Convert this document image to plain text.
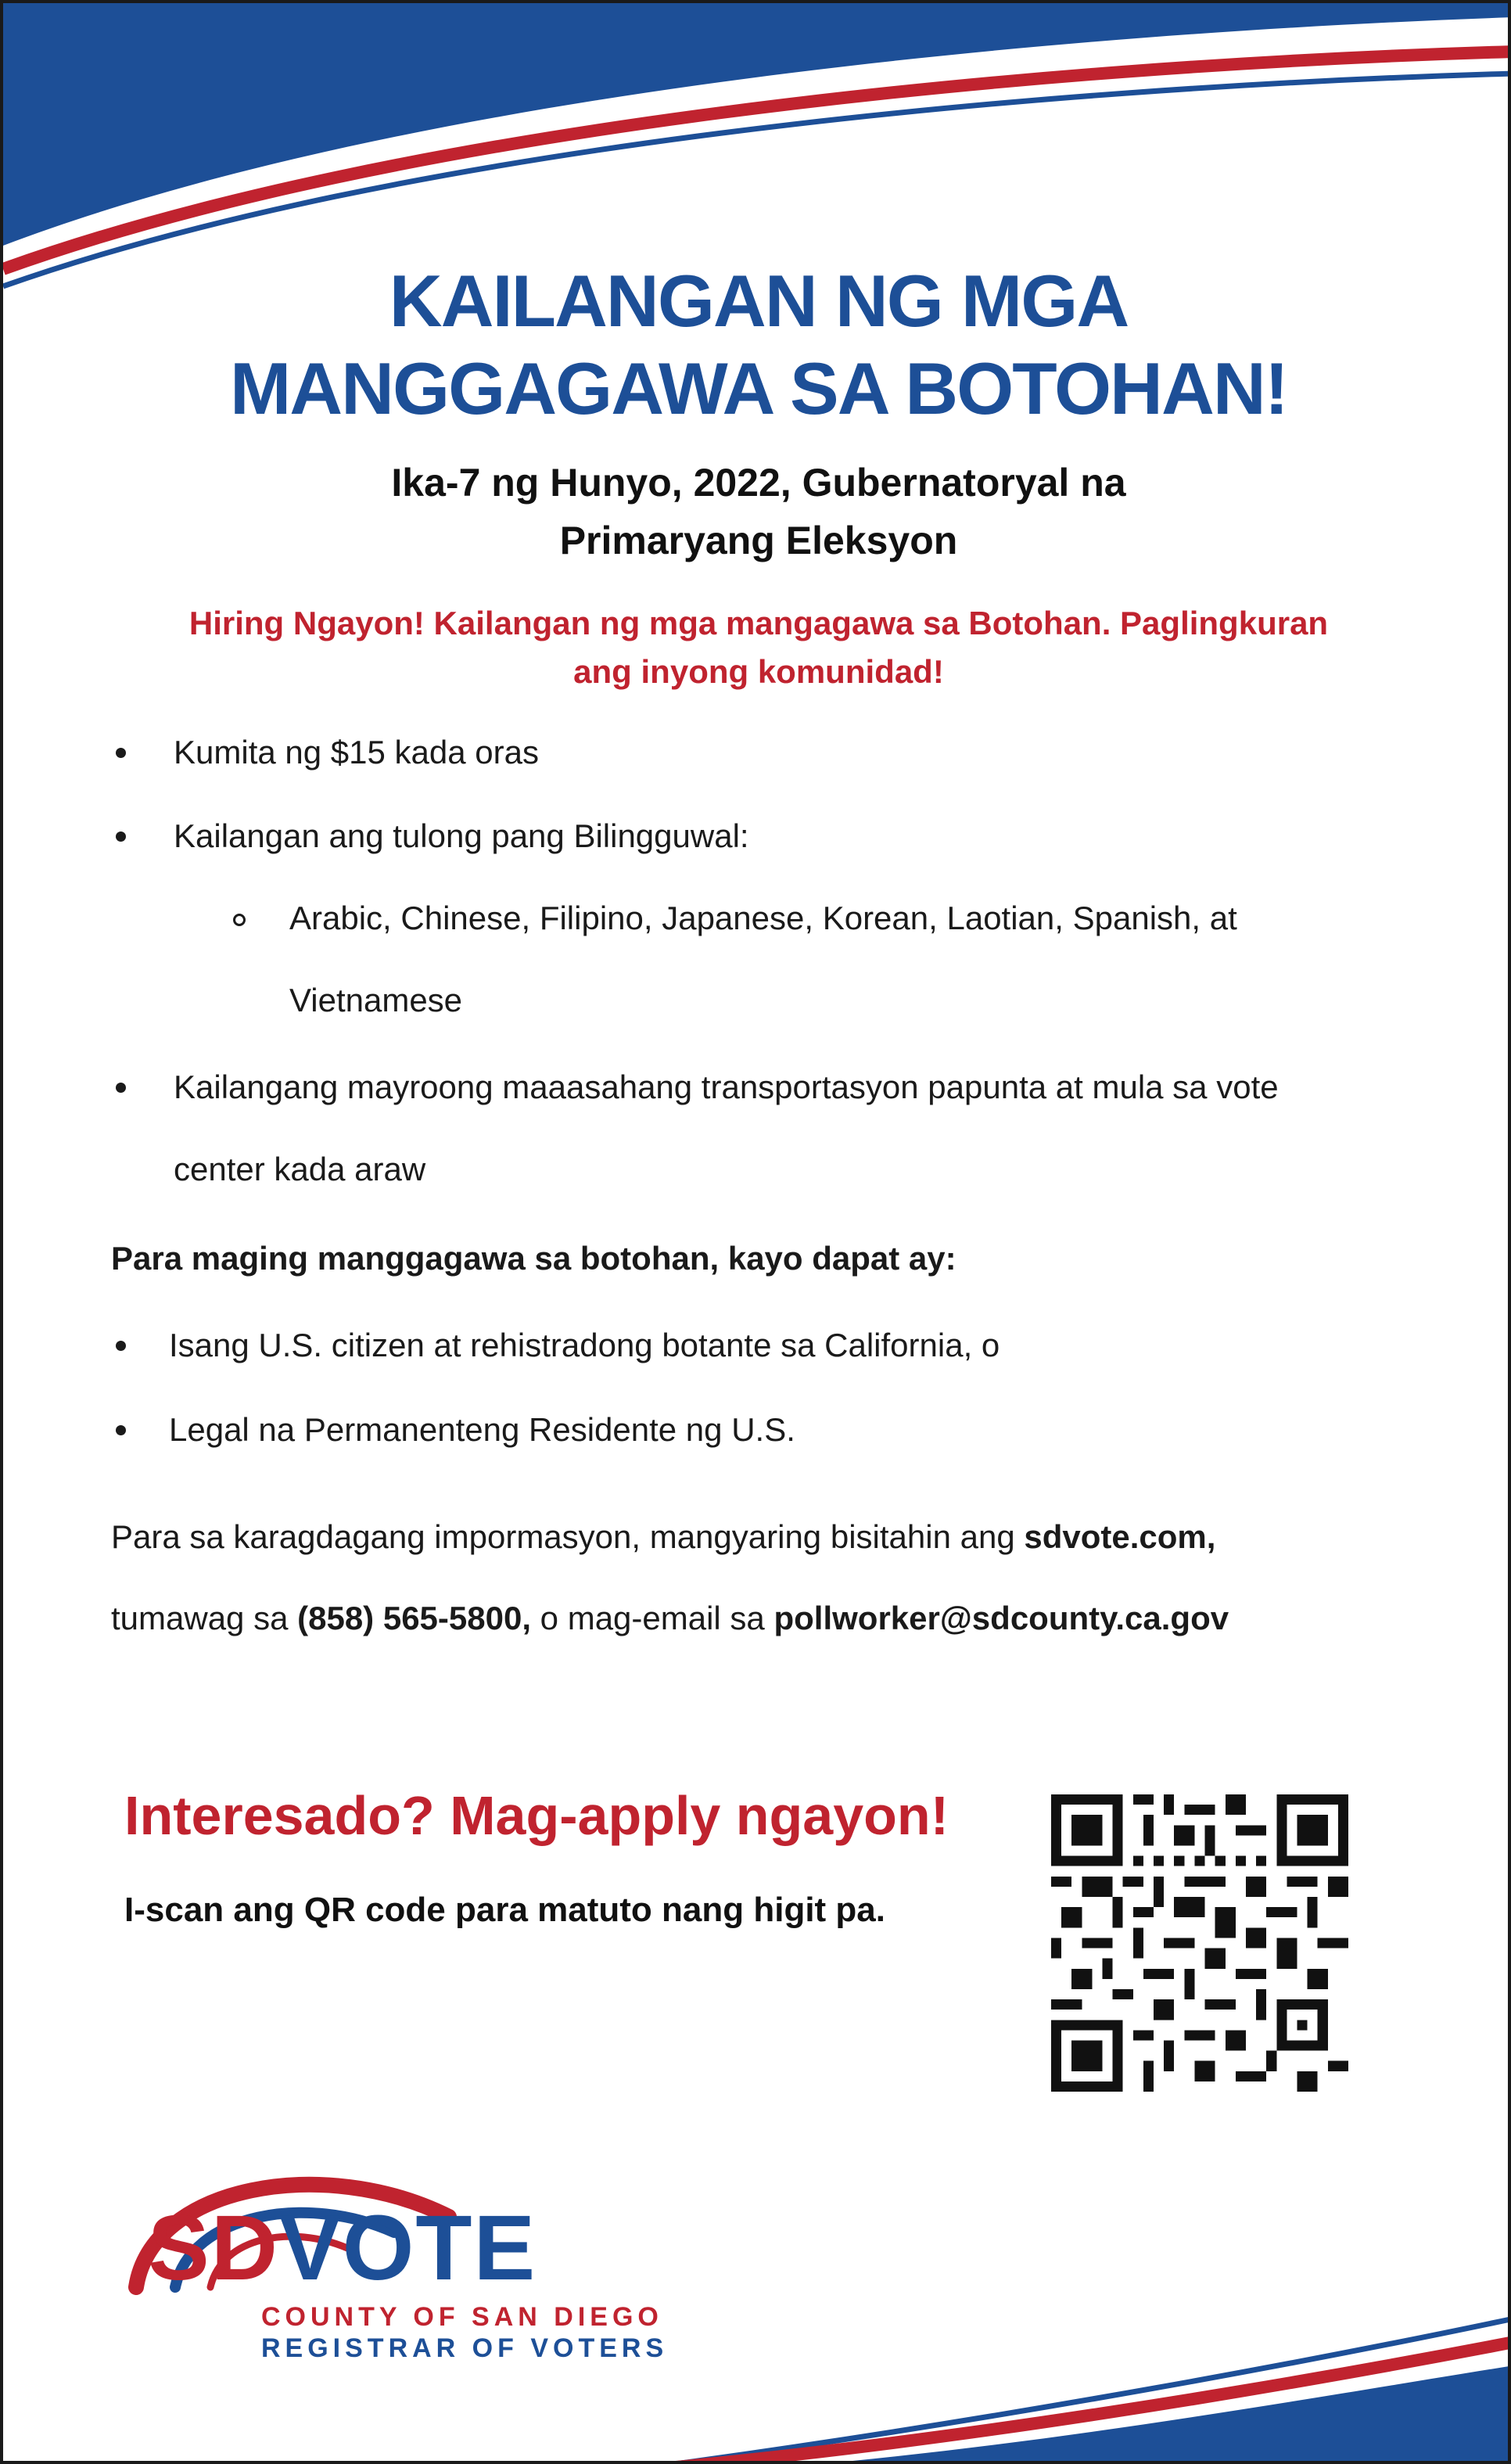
KAILANGAN NG MGA
MANGGAGAWA SA BOTOHAN!
Ika-7 ng Hunyo, 2022, Gubernatoryal na
Primaryang Eleksyon

Hiring Ngayon! Kailangan ng mga mangagawa sa Botohan. Paglingkuran
ang inyong komunidad!

Kumita ng $15 kada oras
Kailangan ang tulong pang Bilingguwal:
Arabic, Chinese, Filipino, Japanese, Korean, Laotian, Spanish, at
Vietnamese
Kailangang mayroong maaasahang transportasyon papunta at mula sa vote
center kada araw
Para maging manggagawa sa botohan, kayo dapat ay:
Isang U.S. citizen at rehistradong botante sa California, o
Legal na Permanenteng Residente ng U.S.
Para sa karagdagang impormasyon, mangyaring bisitahin ang sdvote.com,
tumawag sa (858) 565-5800, o mag-email sa pollworker@sdcounty.ca.gov

Interesado? Mag-apply ngayon!

I-scan ang QR code para matuto nang higit pa.

SDVOTE
COUNTY OF SAN DIEGO
REGISTRAR OF VOTERS
